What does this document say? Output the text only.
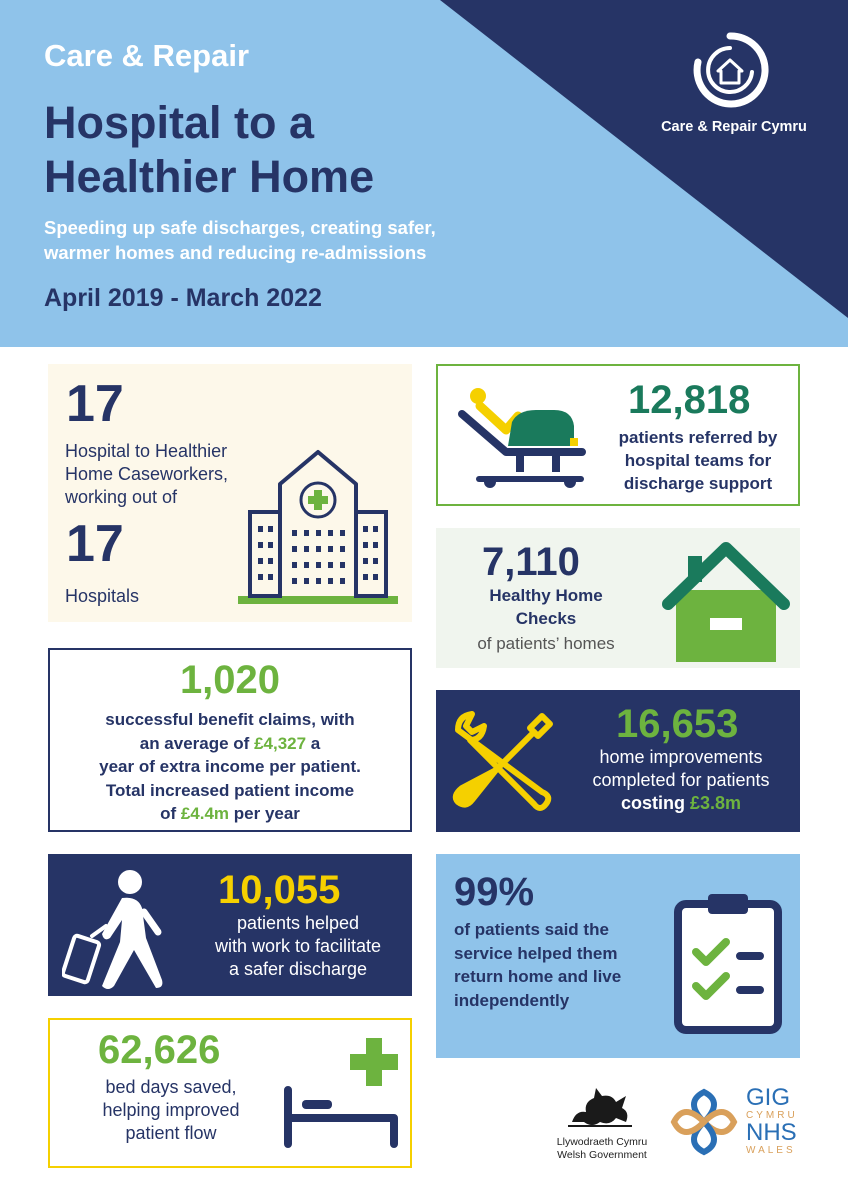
Care & Repair
Hospital to a
Healthier Home
Speeding up safe discharges, creating safer,
warmer homes and reducing re-admissions
April 2019 - March 2022
Care & Repair Cymru
17
Hospital to Healthier
Home Caseworkers,
working out of
17
Hospitals
12,818
patients referred by
hospital teams for
discharge support
7,110
Healthy Home
Checks
of patients’ homes
1,020
successful benefit claims, with
an average of £4,327 a
year of extra income per patient.
Total increased patient income
of £4.4m per year
16,653
home improvements
completed for patients
costing £3.8m
10,055
patients helped
with work to facilitate
a safer discharge
99%
of patients said the
service helped them
return home and live
independently
62,626
bed days saved,
helping improved
patient flow	Llywodraeth Cymru
Welsh Government
GIG
CYMRU
NHS
WALES
